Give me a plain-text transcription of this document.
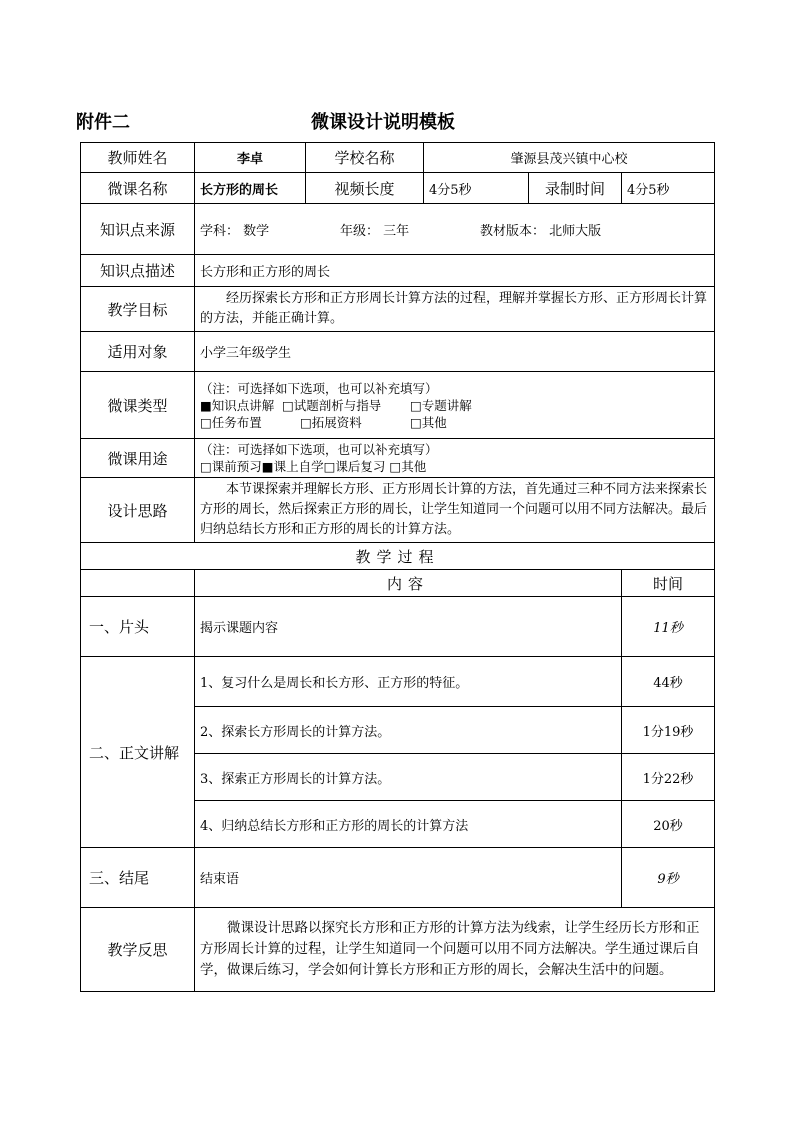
附件二	微课设计说明模板
教师姓名	李卓	学校名称	肇源县茂兴镇中心校		
微课名称	长方形的周长	视频长度	4分5秒	录制时间	4分5秒
知识点来源	学科： 数学 年级： 三年 教材版本： 北师大版				
知识点描述	长方形和正方形的周长				
教学目标	经历探索长方形和正方形周长计算方法的过程，理解并掌握长方形、正方形周长计算的方法，并能正确计算。				
适用对象	小学三年级学生				
微课类型	（注：可选择如下选项，也可以补充填写）
■知识点讲解 □试题剖析与指导 □专题讲解
□任务布置 □拓展资料 □其他				

微课用途	（注：可选择如下选项，也可以补充填写）
□课前预习■课上自学□课后复习 □其他				

设计思路	本节课探索并理解长方形、正方形周长计算的方法，首先通过三种不同方法来探索长方形的周长，然后探索正方形的周长，让学生知道同一个问题可以用不同方法解决。最后归纳总结长方形和正方形的周长的计算方法。				
教学过程					
	内容				时间
一、片头	揭示课题内容				11秒
二、正文讲解	1、复习什么是周长和长方形、正方形的特征。				44秒
	2、探索长方形周长的计算方法。				1分19秒
	3、探索正方形周长的计算方法。				1分22秒
	4、归纳总结长方形和正方形的周长的计算方法				20秒
三、结尾	结束语				9秒
教学反思	微课设计思路以探究长方形和正方形的计算方法为线索，让学生经历长方形和正方形周长计算的过程，让学生知道同一个问题可以用不同方法解决。学生通过课后自学，做课后练习，学会如何计算长方形和正方形的周长，会解决生活中的问题。				
